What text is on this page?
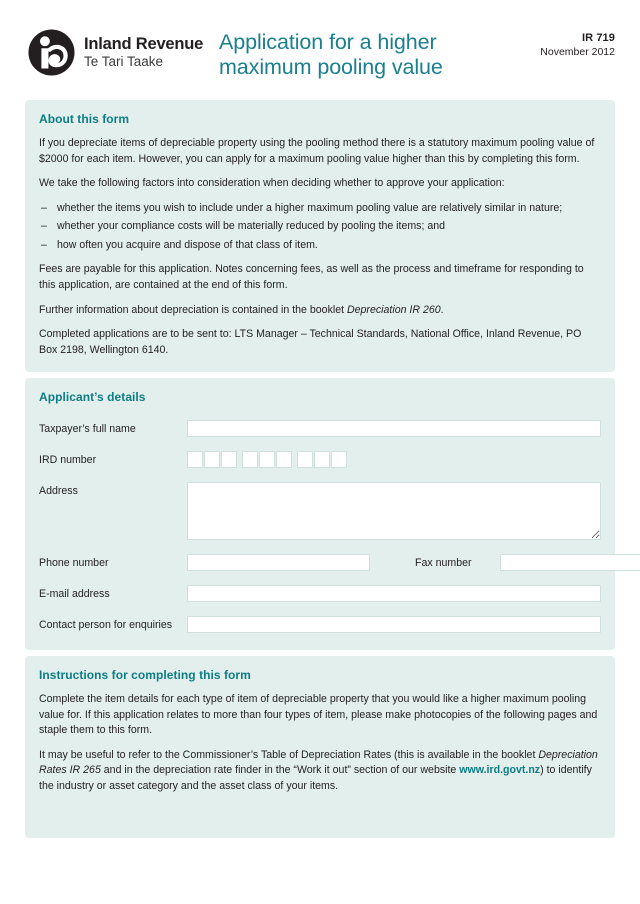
Inland Revenue
Te Tari Taake
Application for a higher maximum pooling value
IR 719
November 2012
About this form

If you depreciate items of depreciable property using the pooling method there is a statutory maximum pooling value of $2000 for each item. However, you can apply for a maximum pooling value higher than this by completing this form.

We take the following factors into consideration when deciding whether to approve your application:

– whether the items you wish to include under a higher maximum pooling value are relatively similar in nature;
– whether your compliance costs will be materially reduced by pooling the items; and
– how often you acquire and dispose of that class of item.

Fees are payable for this application. Notes concerning fees, as well as the process and timeframe for responding to this application, are contained at the end of this form.

Further information about depreciation is contained in the booklet Depreciation IR 260.

Completed applications are to be sent to: LTS Manager – Technical Standards, National Office, Inland Revenue, PO Box 2198, Wellington 6140.

Applicant’s details
Taxpayer’s full name
IRD number
Address
Phone number	Fax number
E-mail address
Contact person for enquiries
Instructions for completing this form

Complete the item details for each type of item of depreciable property that you would like a higher maximum pooling value for. If this application relates to more than four types of item, please make photocopies of the following pages and staple them to this form.

It may be useful to refer to the Commissioner’s Table of Depreciation Rates (this is available in the booklet Depreciation Rates IR 265 and in the depreciation rate finder in the “Work it out” section of our website www.ird.govt.nz) to identify the industry or asset category and the asset class of your items.
